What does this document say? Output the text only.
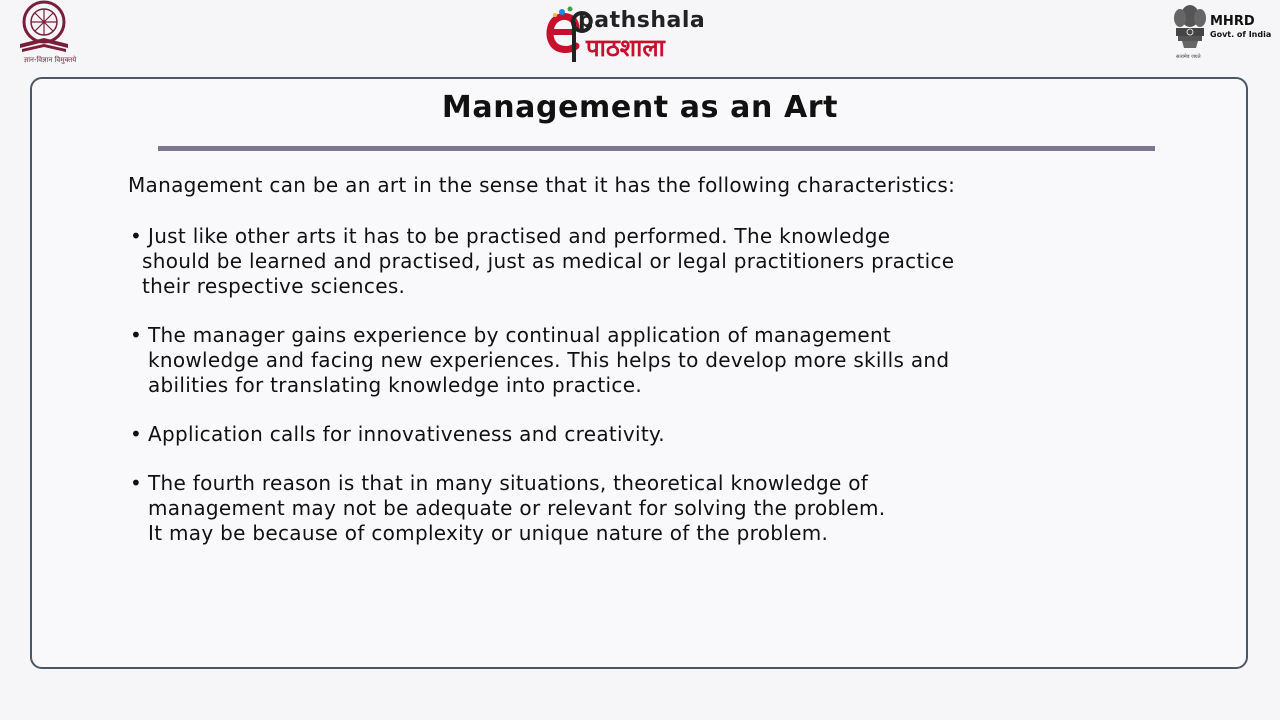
ज्ञान-विज्ञान विमुक्तये
pathshala
पाठशाला
MHRD
Govt. of India
सत्यमेव जयते
Management as an Art

Management can be an art in the sense that it has the following characteristics:

• Just like other arts it has to be practised and performed. The knowledge
should be learned and practised, just as medical or legal practitioners practice
their respective sciences.
• The manager gains experience by continual application of management
knowledge and facing new experiences. This helps to develop more skills and
abilities for translating knowledge into practice.
• Application calls for innovativeness and creativity.
• The fourth reason is that in many situations, theoretical knowledge of
management may not be adequate or relevant for solving the problem.
It may be because of complexity or unique nature of the problem.
